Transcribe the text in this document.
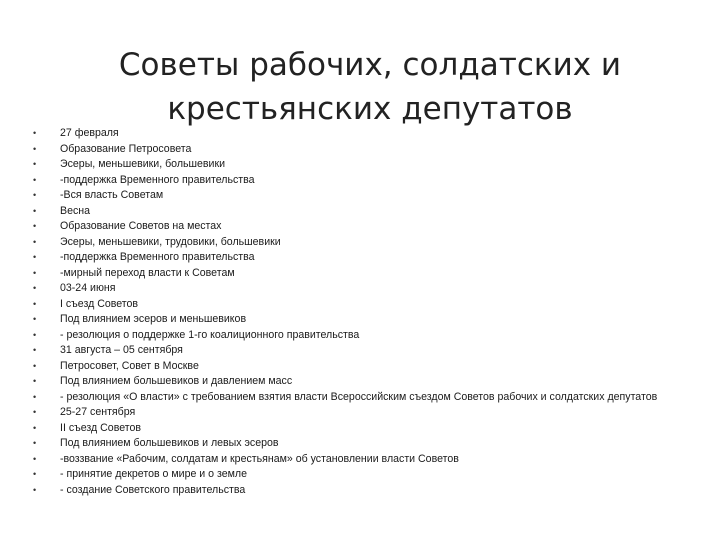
Советы рабочих, солдатских и
крестьянских депутатов
• 27 февраля
• Образование Петросовета
• Эсеры, меньшевики, большевики
• -поддержка Временного правительства
• -Вся власть Советам
• Весна
• Образование Советов на местах
• Эсеры, меньшевики, трудовики, большевики
• -поддержка Временного правительства
• -мирный переход власти к Советам
• 03-24 июня
• I съезд Советов
• Под влиянием эсеров и меньшевиков
• - резолюция о поддержке 1-го коалиционного правительства
• 31 августа – 05 сентября
• Петросовет, Совет в Москве
• Под влиянием большевиков и давлением масс
• - резолюция «О власти» с требованием взятия власти Всероссийским съездом Советов рабочих и солдатских депутатов
• 25-27 сентября
• II съезд Советов
• Под влиянием большевиков и левых эсеров
• -воззвание «Рабочим, солдатам и крестьянам» об установлении власти Советов
• - принятие декретов о мире и о земле
• - создание Советского правительства
